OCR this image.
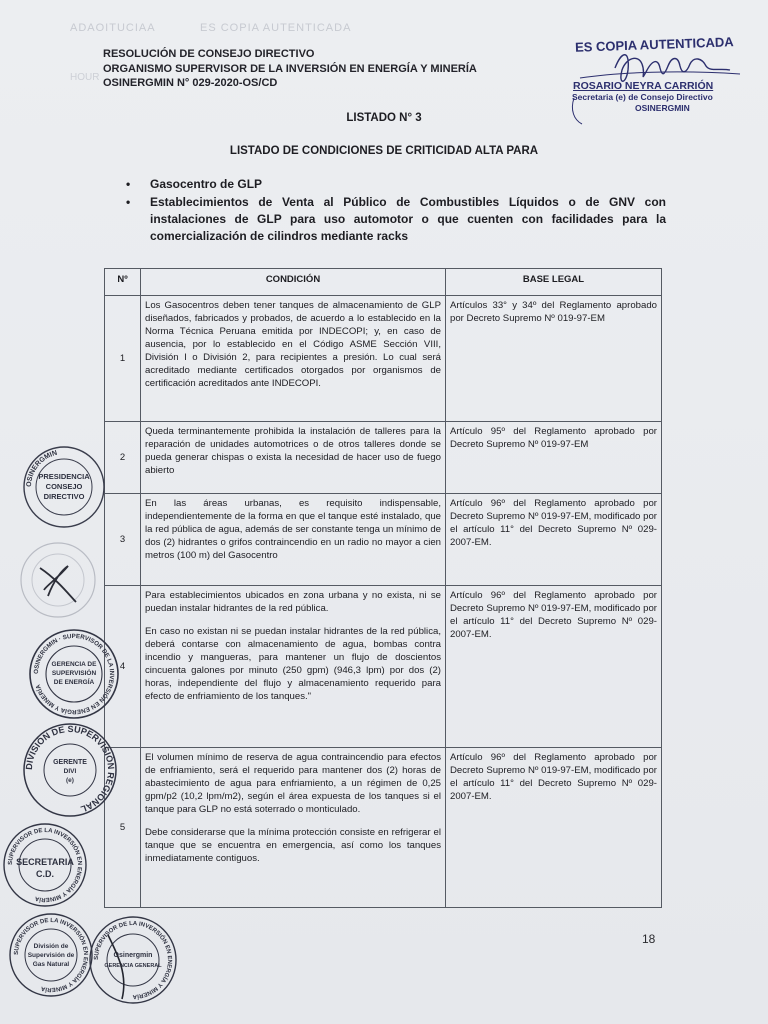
ADAOITUCIAA	ES COPIA AUTENTICADA
HOUR
RESOLUCIÓN DE CONSEJO DIRECTIVO
ORGANISMO SUPERVISOR DE LA INVERSIÓN EN ENERGÍA Y MINERÍA
OSINERGMIN N° 029-2020-OS/CD
ES COPIA AUTENTICADA
ROSARIO NEYRA CARRIÓN
Secretaria (e) de Consejo Directivo
OSINERGMIN
LISTADO N° 3
LISTADO DE CONDICIONES DE CRITICIDAD ALTA PARA
• Gasocentro de GLP
• Establecimientos de Venta al Público de Combustibles Líquidos o de GNV con instalaciones de GLP para uso automotor o que cuenten con facilidades para la comercialización de cilindros mediante racks
Nº	CONDICIÓN	BASE LEGAL
1	Los Gasocentros deben tener tanques de almacenamiento de GLP diseñados, fabricados y probados, de acuerdo a lo establecido en la Norma Técnica Peruana emitida por INDECOPI; y, en caso de ausencia, por lo establecido en el Código ASME Sección VIII, División I o División 2, para recipientes a presión. Lo cual será acreditado mediante certificados otorgados por organismos de certificación acreditados ante INDECOPI.	Artículos 33° y 34º del Reglamento aprobado por Decreto Supremo Nº 019-97-EM
2	Queda terminantemente prohibida la instalación de talleres para la reparación de unidades automotrices o de otros talleres donde se pueda generar chispas o exista la necesidad de hacer uso de fuego abierto	Artículo 95º del Reglamento aprobado por Decreto Supremo Nº 019-97-EM
3	En las áreas urbanas, es requisito indispensable, independientemente de la forma en que el tanque esté instalado, que la red pública de agua, además de ser constante tenga un mínimo de dos (2) hidrantes o grifos contraincendio en un radio no mayor a cien metros (100 m) del Gasocentro	Artículo 96º del Reglamento aprobado por Decreto Supremo Nº 019-97-EM, modificado por el artículo 11° del Decreto Supremo Nº 029-2007-EM.
4	Para establecimientos ubicados en zona urbana y no exista, ni se puedan instalar hidrantes de la red pública.

En caso no existan ni se puedan instalar hidrantes de la red pública, deberá contarse con almacenamiento de agua, bombas contra incendio y mangueras, para mantener un flujo de doscientos cincuenta galones por minuto (250 gpm) (946,3 lpm) por dos (2) horas, independiente del flujo y almacenamiento requerido para efecto de enfriamiento de los tanques."	Artículo 96º del Reglamento aprobado por Decreto Supremo Nº 019-97-EM, modificado por el artículo 11° del Decreto Supremo Nº 029-2007-EM.
5	El volumen mínimo de reserva de agua contraincendio para efectos de enfriamiento, será el requerido para mantener dos (2) horas de abastecimiento de agua para enfriamiento, a un régimen de 0,25 gpm/p2 (10,2 lpm/m2), según el área expuesta de los tanques si el tanque para GLP no está soterrado o monticulado.

Debe considerarse que la mínima protección consiste en refrigerar el tanque que se encuentra en emergencia, así como los tanques inmediatamente contiguos.	Artículo 96º del Reglamento aprobado por Decreto Supremo Nº 019-97-EM, modificado por el artículo 11° del Decreto Supremo Nº 029-2007-EM.
18
OSINERGMIN
PRESIDENCIA
CONSEJO
DIRECTIVO
OSINERGMIN · SUPERVISOR DE LA INVERSIÓN EN ENERGÍA Y MINERÍA
GERENCIA DE
SUPERVISIÓN
DE ENERGÍA
DIVISIÓN DE SUPERVISIÓN REGIONAL
GERENTE
DIVI
(e)
SUPERVISOR DE LA INVERSIÓN EN ENERGÍA Y MINERÍA
SECRETARIA
C.D.
SUPERVISOR DE LA INVERSIÓN EN ENERGÍA Y MINERÍA
División de
Supervisión de
Gas Natural
SUPERVISOR DE LA INVERSIÓN EN ENERGÍA Y MINERÍA
Osinergmin
GERENCIA GENERAL
